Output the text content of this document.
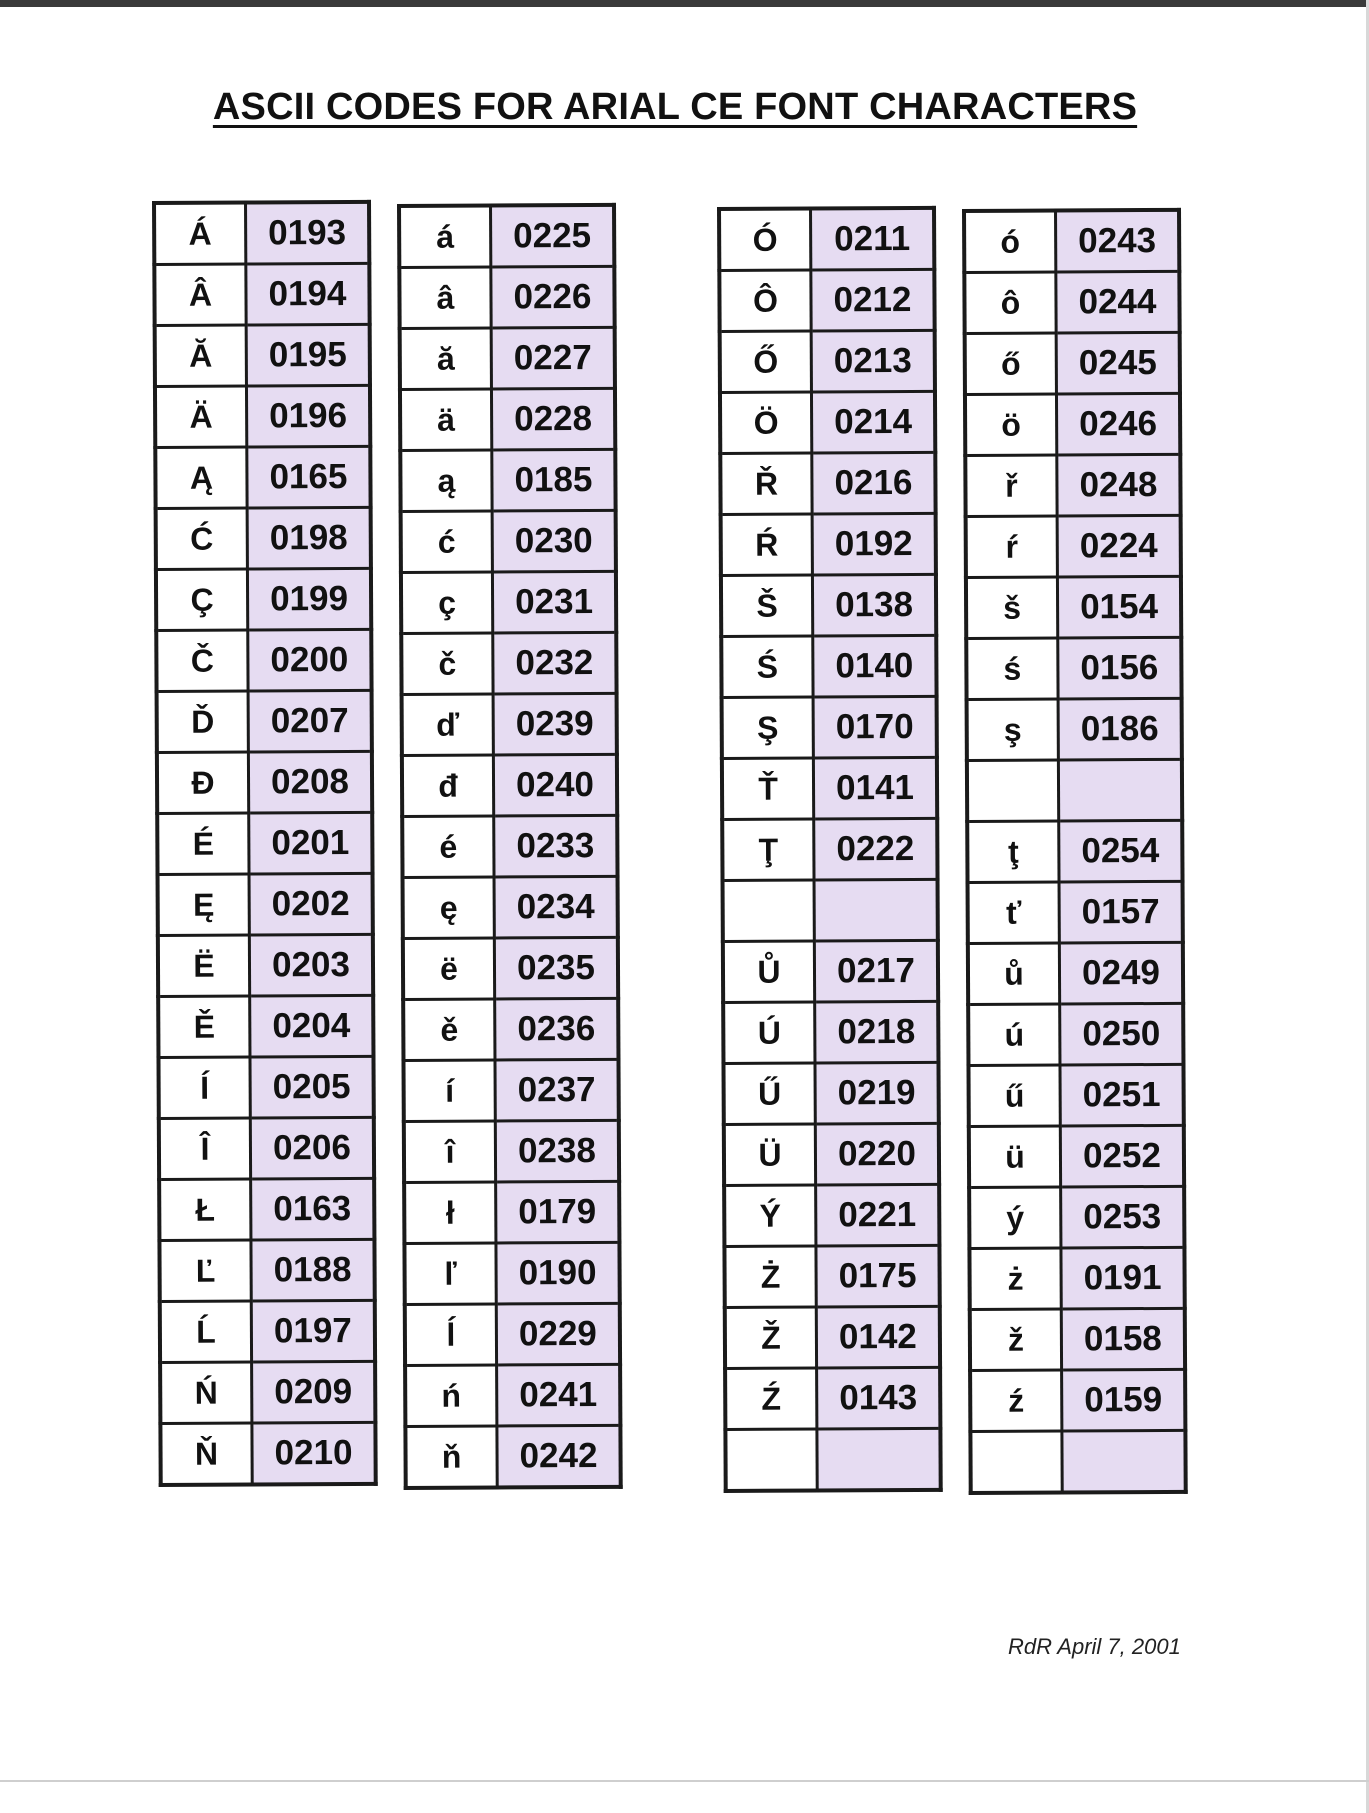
ASCII CODES FOR ARIAL CE FONT CHARACTERS
Á	0193
Â	0194
Ă	0195
Ä	0196
Ą	0165
Ć	0198
Ç	0199
Č	0200
Ď	0207
Đ	0208
É	0201
Ę	0202
Ë	0203
Ě	0204
Í	0205
Î	0206
Ł	0163
Ľ	0188
Ĺ	0197
Ń	0209
Ň	0210
á	0225
â	0226
ă	0227
ä	0228
ą	0185
ć	0230
ç	0231
č	0232
ď	0239
đ	0240
é	0233
ę	0234
ë	0235
ě	0236
í	0237
î	0238
ł	0179
ľ	0190
ĺ	0229
ń	0241
ň	0242
Ó	0211
Ô	0212
Ő	0213
Ö	0214
Ř	0216
Ŕ	0192
Š	0138
Ś	0140
Ş	0170
Ť	0141
Ţ	0222

Ů	0217
Ú	0218
Ű	0219
Ü	0220
Ý	0221
Ż	0175
Ž	0142
Ź	0143

ó	0243
ô	0244
ő	0245
ö	0246
ř	0248
ŕ	0224
š	0154
ś	0156
ş	0186

ţ	0254
ť	0157
ů	0249
ú	0250
ű	0251
ü	0252
ý	0253
ż	0191
ž	0158
ź	0159

RdR April 7, 2001
